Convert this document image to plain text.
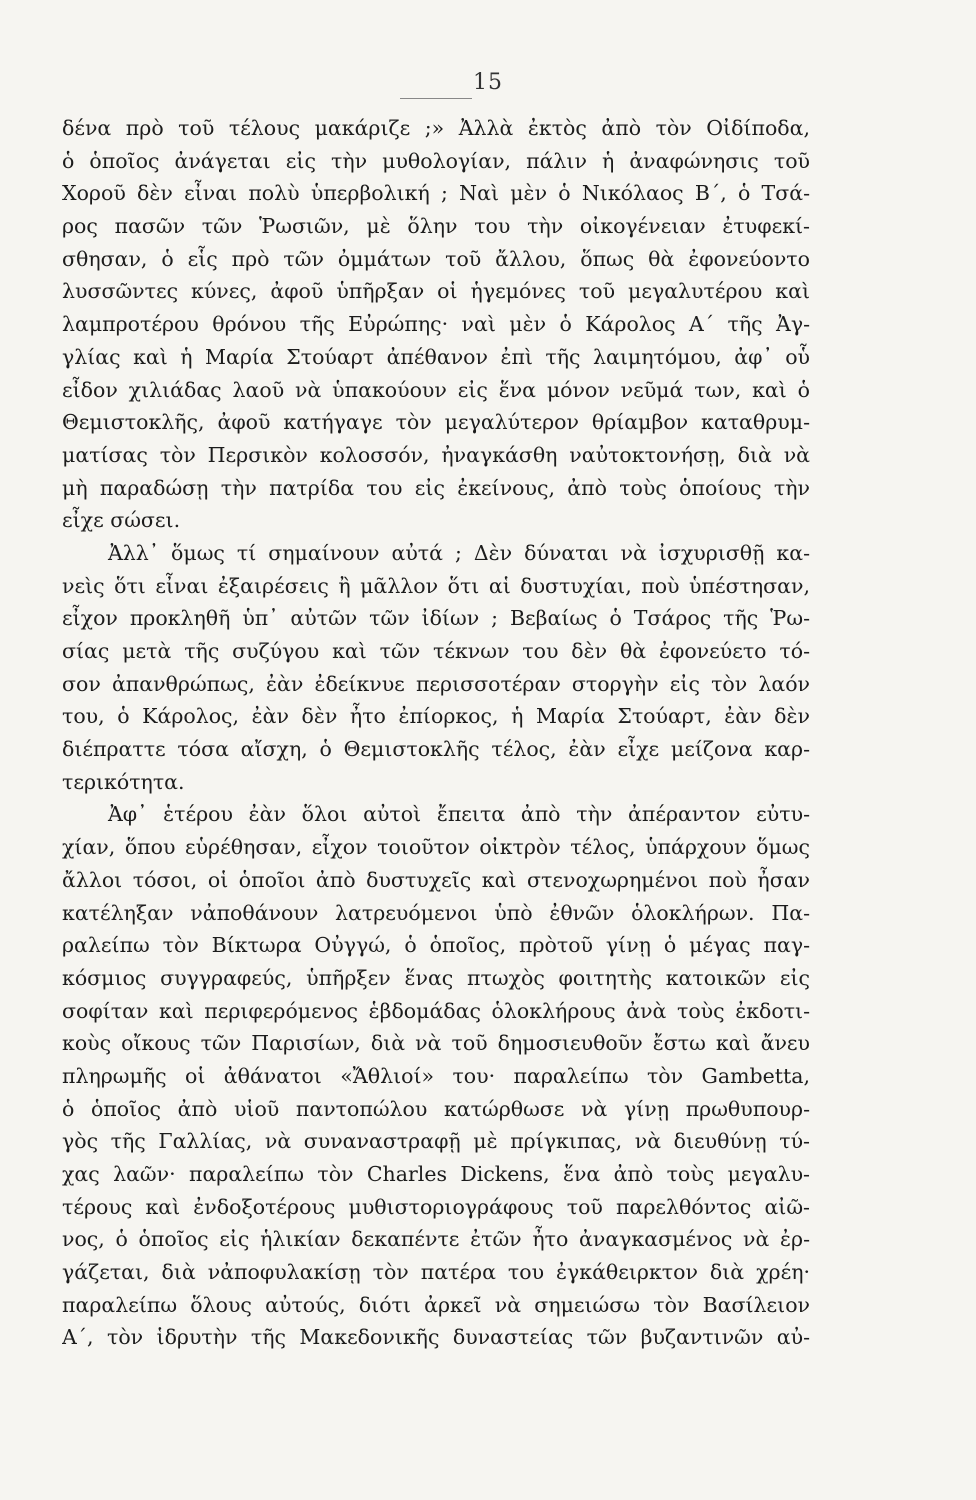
15
δένα πρὸ τοῦ τέλους μακάριζε ;» Ἀλλὰ ἐκτὸς ἀπὸ τὸν Οἰδίποδα,
ὁ ὁποῖος ἀνάγεται εἰς τὴν μυθολογίαν, πάλιν ἡ ἀναφώνησις τοῦ
Χοροῦ δὲν εἶναι πολὺ ὑπερβολική ; Ναὶ μὲν ὁ Νικόλαος Β΄, ὁ Τσά-
ρος πασῶν τῶν Ῥωσιῶν, μὲ ὅλην του τὴν οἰκογένειαν ἐτυφεκί-
σθησαν, ὁ εἷς πρὸ τῶν ὀμμάτων τοῦ ἄλλου, ὅπως θὰ ἐφονεύοντο
λυσσῶντες κύνες, ἀφοῦ ὑπῆρξαν οἱ ἡγεμόνες τοῦ μεγαλυτέρου καὶ
λαμπροτέρου θρόνου τῆς Εὐρώπης· ναὶ μὲν ὁ Κάρολος Α΄ τῆς Ἀγ-
γλίας καὶ ἡ Μαρία Στούαρτ ἀπέθανον ἐπὶ τῆς λαιμητόμου, ἀφ᾽ οὗ
εἶδον χιλιάδας λαοῦ νὰ ὑπακούουν εἰς ἕνα μόνον νεῦμά των, καὶ ὁ
Θεμιστοκλῆς, ἀφοῦ κατήγαγε τὸν μεγαλύτερον θρίαμβον καταθρυμ-
ματίσας τὸν Περσικὸν κολοσσόν, ἠναγκάσθη ναὐτοκτονήσῃ, διὰ νὰ
μὴ παραδώσῃ τὴν πατρίδα του εἰς ἐκείνους, ἀπὸ τοὺς ὁποίους τὴν
εἶχε σώσει.
Ἀλλ᾽ ὅμως τί σημαίνουν αὐτά ; Δὲν δύναται νὰ ἰσχυρισθῇ κα-
νεὶς ὅτι εἶναι ἐξαιρέσεις ἢ μᾶλλον ὅτι αἱ δυστυχίαι, ποὺ ὑπέστησαν,
εἶχον προκληθῆ ὑπ᾽ αὐτῶν τῶν ἰδίων ; Βεβαίως ὁ Τσάρος τῆς Ῥω-
σίας μετὰ τῆς συζύγου καὶ τῶν τέκνων του δὲν θὰ ἐφονεύετο τό-
σον ἀπανθρώπως, ἐὰν ἐδείκνυε περισσοτέραν στοργὴν εἰς τὸν λαόν
του, ὁ Κάρολος, ἐὰν δὲν ἦτο ἐπίορκος, ἡ Μαρία Στούαρτ, ἐὰν δὲν
διέπραττε τόσα αἴσχη, ὁ Θεμιστοκλῆς τέλος, ἐὰν εἶχε μείζονα καρ-
τερικότητα.
Ἀφ᾽ ἑτέρου ἐὰν ὅλοι αὐτοὶ ἔπειτα ἀπὸ τὴν ἀπέραντον εὐτυ-
χίαν, ὅπου εὑρέθησαν, εἶχον τοιοῦτον οἰκτρὸν τέλος, ὑπάρχουν ὅμως
ἄλλοι τόσοι, οἱ ὁποῖοι ἀπὸ δυστυχεῖς καὶ στενοχωρημένοι ποὺ ἦσαν
κατέληξαν νἀποθάνουν λατρευόμενοι ὑπὸ ἐθνῶν ὁλοκλήρων. Πα-
ραλείπω τὸν Βίκτωρα Οὐγγώ, ὁ ὁποῖος, πρὸτοῦ γίνῃ ὁ μέγας παγ-
κόσμιος συγγραφεύς, ὑπῆρξεν ἕνας πτωχὸς φοιτητὴς κατοικῶν εἰς
σοφίταν καὶ περιφερόμενος ἑβδομάδας ὁλοκλήρους ἀνὰ τοὺς ἐκδοτι-
κοὺς οἴκους τῶν Παρισίων, διὰ νὰ τοῦ δημοσιευθοῦν ἔστω καὶ ἄνευ
πληρωμῆς οἱ ἀθάνατοι «Ἄθλιοί» του· παραλείπω τὸν Gambetta,
ὁ ὁποῖος ἀπὸ υἱοῦ παντοπώλου κατώρθωσε νὰ γίνῃ πρωθυπουρ-
γὸς τῆς Γαλλίας, νὰ συναναστραφῇ μὲ πρίγκιπας, νὰ διευθύνῃ τύ-
χας λαῶν· παραλείπω τὸν Charles Dickens, ἕνα ἀπὸ τοὺς μεγαλυ-
τέρους καὶ ἐνδοξοτέρους μυθιστοριογράφους τοῦ παρελθόντος αἰῶ-
νος, ὁ ὁποῖος εἰς ἡλικίαν δεκαπέντε ἐτῶν ἦτο ἀναγκασμένος νὰ ἐρ-
γάζεται, διὰ νἀποφυλακίσῃ τὸν πατέρα του ἐγκάθειρκτον διὰ χρέη·
παραλείπω ὅλους αὐτούς, διότι ἀρκεῖ νὰ σημειώσω τὸν Βασίλειον
Α΄, τὸν ἱδρυτὴν τῆς Μακεδονικῆς δυναστείας τῶν βυζαντινῶν αὐ-
